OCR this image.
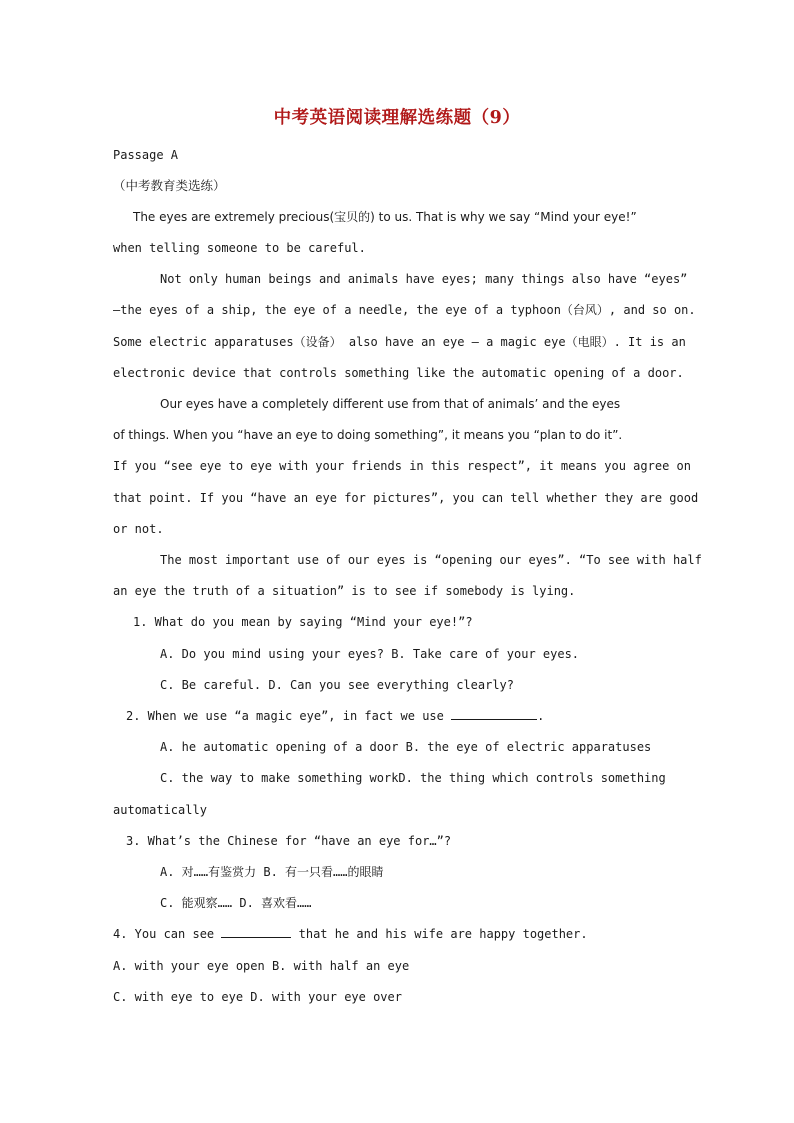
中考英语阅读理解选练题（9）
Passage A
（中考教育类选练）
The eyes are extremely precious(宝贝的) to us. That is why we say “Mind your eye!”
when telling someone to be careful.
Not only human beings and animals have eyes; many things also have “eyes”
—the eyes of a ship, the eye of a needle, the eye of a typhoon（台风）, and so on.
Some electric apparatuses（设备） also have an eye — a magic eye（电眼）. It is an
electronic device that controls something like the automatic opening of a door.
Our eyes have a completely different use from that of animals’ and the eyes
of things. When you “have an eye to doing something”, it means you “plan to do it”.
If you “see eye to eye with your friends in this respect”, it means you agree on
that point. If you “have an eye for pictures”, you can tell whether they are good
or not.
The most important use of our eyes is “opening our eyes”. “To see with half
an eye the truth of a situation” is to see if somebody is lying.
1. What do you mean by saying “Mind your eye!”?
A. Do you mind using your eyes? B. Take care of your eyes.
C. Be careful. D. Can you see everything clearly?
2. When we use “a magic eye”, in fact we use	.
A. he automatic opening of a door B. the eye of electric apparatuses
C. the way to make something workD. the thing which controls something
automatically
3. What’s the Chinese for “have an eye for…”?
A. 对……有鉴赏力 B. 有一只看……的眼睛
C. 能观察…… D. 喜欢看……
4. You can see	that he and his wife are happy together.
A. with your eye open B. with half an eye
C. with eye to eye D. with your eye over
